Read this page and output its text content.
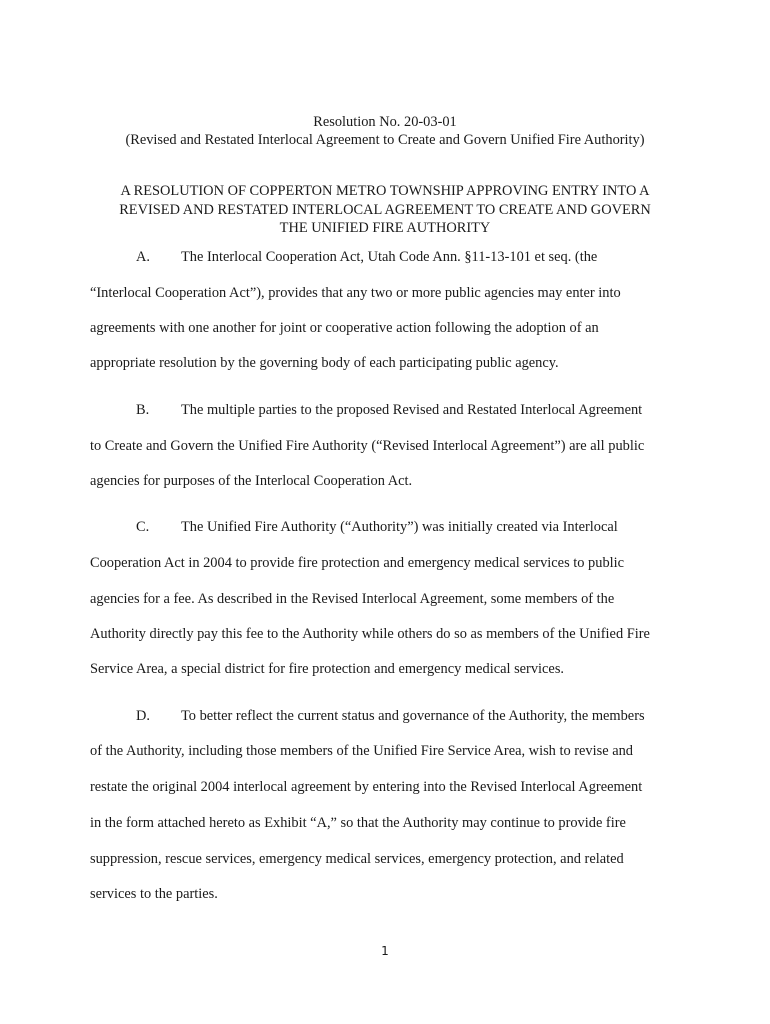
Resolution No. 20-03-01
(Revised and Restated Interlocal Agreement to Create and Govern Unified Fire Authority)
A RESOLUTION OF COPPERTON METRO TOWNSHIP APPROVING ENTRY INTO A
REVISED AND RESTATED INTERLOCAL AGREEMENT TO CREATE AND GOVERN
THE UNIFIED FIRE AUTHORITY
A. The Interlocal Cooperation Act, Utah Code Ann. §11-13-101 et seq. (the
“Interlocal Cooperation Act”), provides that any two or more public agencies may enter into
agreements with one another for joint or cooperative action following the adoption of an
appropriate resolution by the governing body of each participating public agency.
B. The multiple parties to the proposed Revised and Restated Interlocal Agreement
to Create and Govern the Unified Fire Authority (“Revised Interlocal Agreement”) are all public
agencies for purposes of the Interlocal Cooperation Act.
C. The Unified Fire Authority (“Authority”) was initially created via Interlocal
Cooperation Act in 2004 to provide fire protection and emergency medical services to public
agencies for a fee. As described in the Revised Interlocal Agreement, some members of the
Authority directly pay this fee to the Authority while others do so as members of the Unified Fire
Service Area, a special district for fire protection and emergency medical services.
D. To better reflect the current status and governance of the Authority, the members
of the Authority, including those members of the Unified Fire Service Area, wish to revise and
restate the original 2004 interlocal agreement by entering into the Revised Interlocal Agreement
in the form attached hereto as Exhibit “A,” so that the Authority may continue to provide fire
suppression, rescue services, emergency medical services, emergency protection, and related
services to the parties.
1
